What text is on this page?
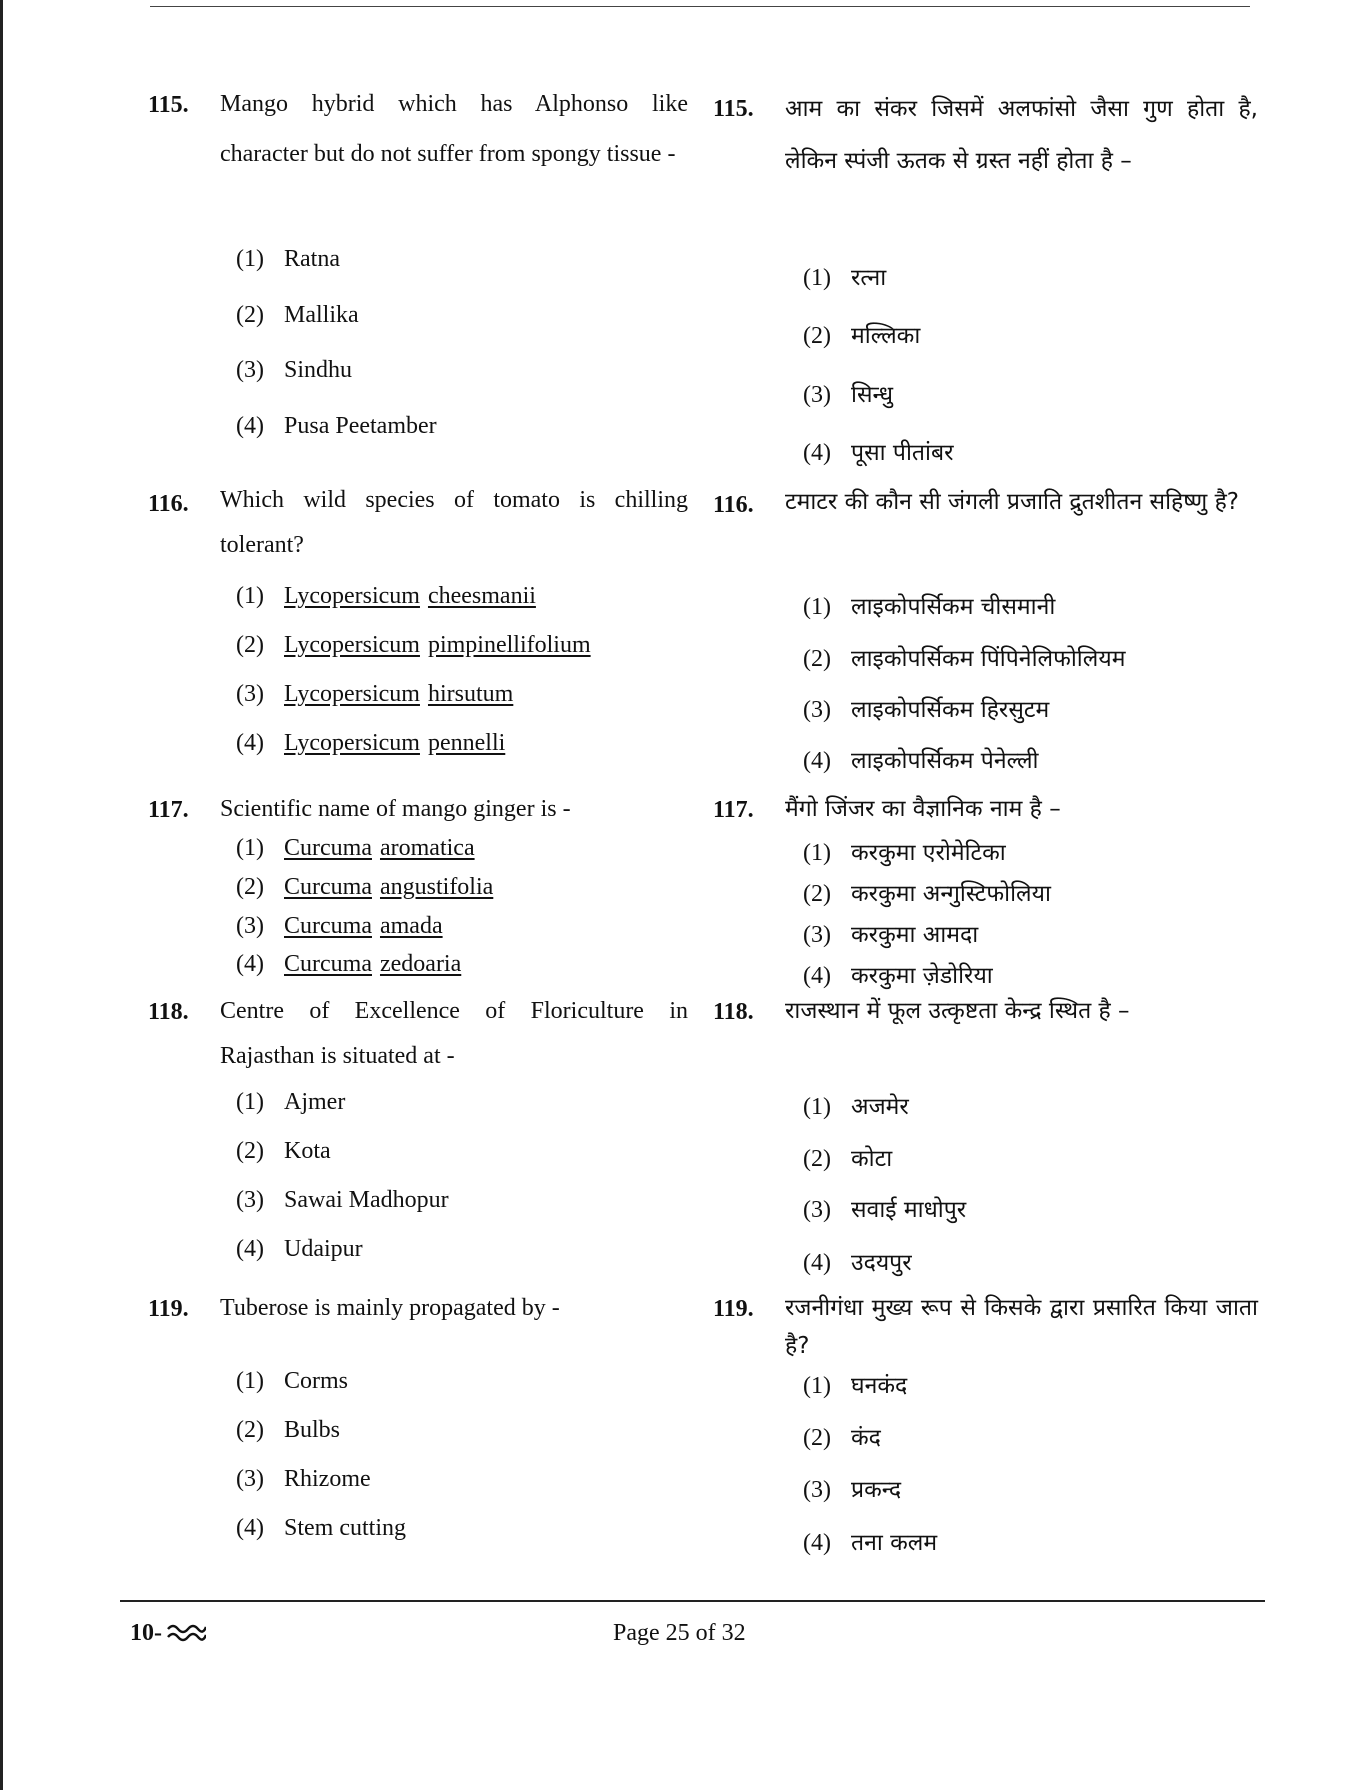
115. Mango hybrid which has Alphonso like character but do not suffer from spongy tissue -
(1) Ratna
(2) Mallika
(3) Sindhu
(4) Pusa Peetamber
116. Which wild species of tomato is chilling tolerant?
(1) Lycopersicum cheesmanii
(2) Lycopersicum pimpinellifolium
(3) Lycopersicum hirsutum
(4) Lycopersicum pennelli
117. Scientific name of mango ginger is -
(1) Curcuma aromatica
(2) Curcuma angustifolia
(3) Curcuma amada
(4) Curcuma zedoaria
118. Centre of Excellence of Floriculture in Rajasthan is situated at -
(1) Ajmer
(2) Kota
(3) Sawai Madhopur
(4) Udaipur
119. Tuberose is mainly propagated by -
(1) Corms
(2) Bulbs
(3) Rhizome
(4) Stem cutting
115. आम का संकर जिसमें अलफांसो जैसा गुण होता है, लेकिन स्पंजी ऊतक से ग्रस्त नहीं होता है –
(1) रत्ना
(2) मल्लिका
(3) सिन्धु
(4) पूसा पीतांबर
116. टमाटर की कौन सी जंगली प्रजाति द्रुतशीतन सहिष्णु है?
(1) लाइकोपर्सिकम चीसमानी
(2) लाइकोपर्सिकम पिंपिनेलिफोलियम
(3) लाइकोपर्सिकम हिरसुटम
(4) लाइकोपर्सिकम पेनेल्ली
117. मैंगो जिंजर का वैज्ञानिक नाम है –
(1) करकुमा एरोमेटिका
(2) करकुमा अन्गुस्टिफोलिया
(3) करकुमा आमदा
(4) करकुमा ज़ेडोरिया
118. राजस्थान में फूल उत्कृष्टता केन्द्र स्थित है –
(1) अजमेर
(2) कोटा
(3) सवाई माधोपुर
(4) उदयपुर
119. रजनीगंधा मुख्य रूप से किसके द्वारा प्रसारित किया जाता है?
(1) घनकंद
(2) कंद
(3) प्रकन्द
(4) तना कलम
10-	Page 25 of 32
